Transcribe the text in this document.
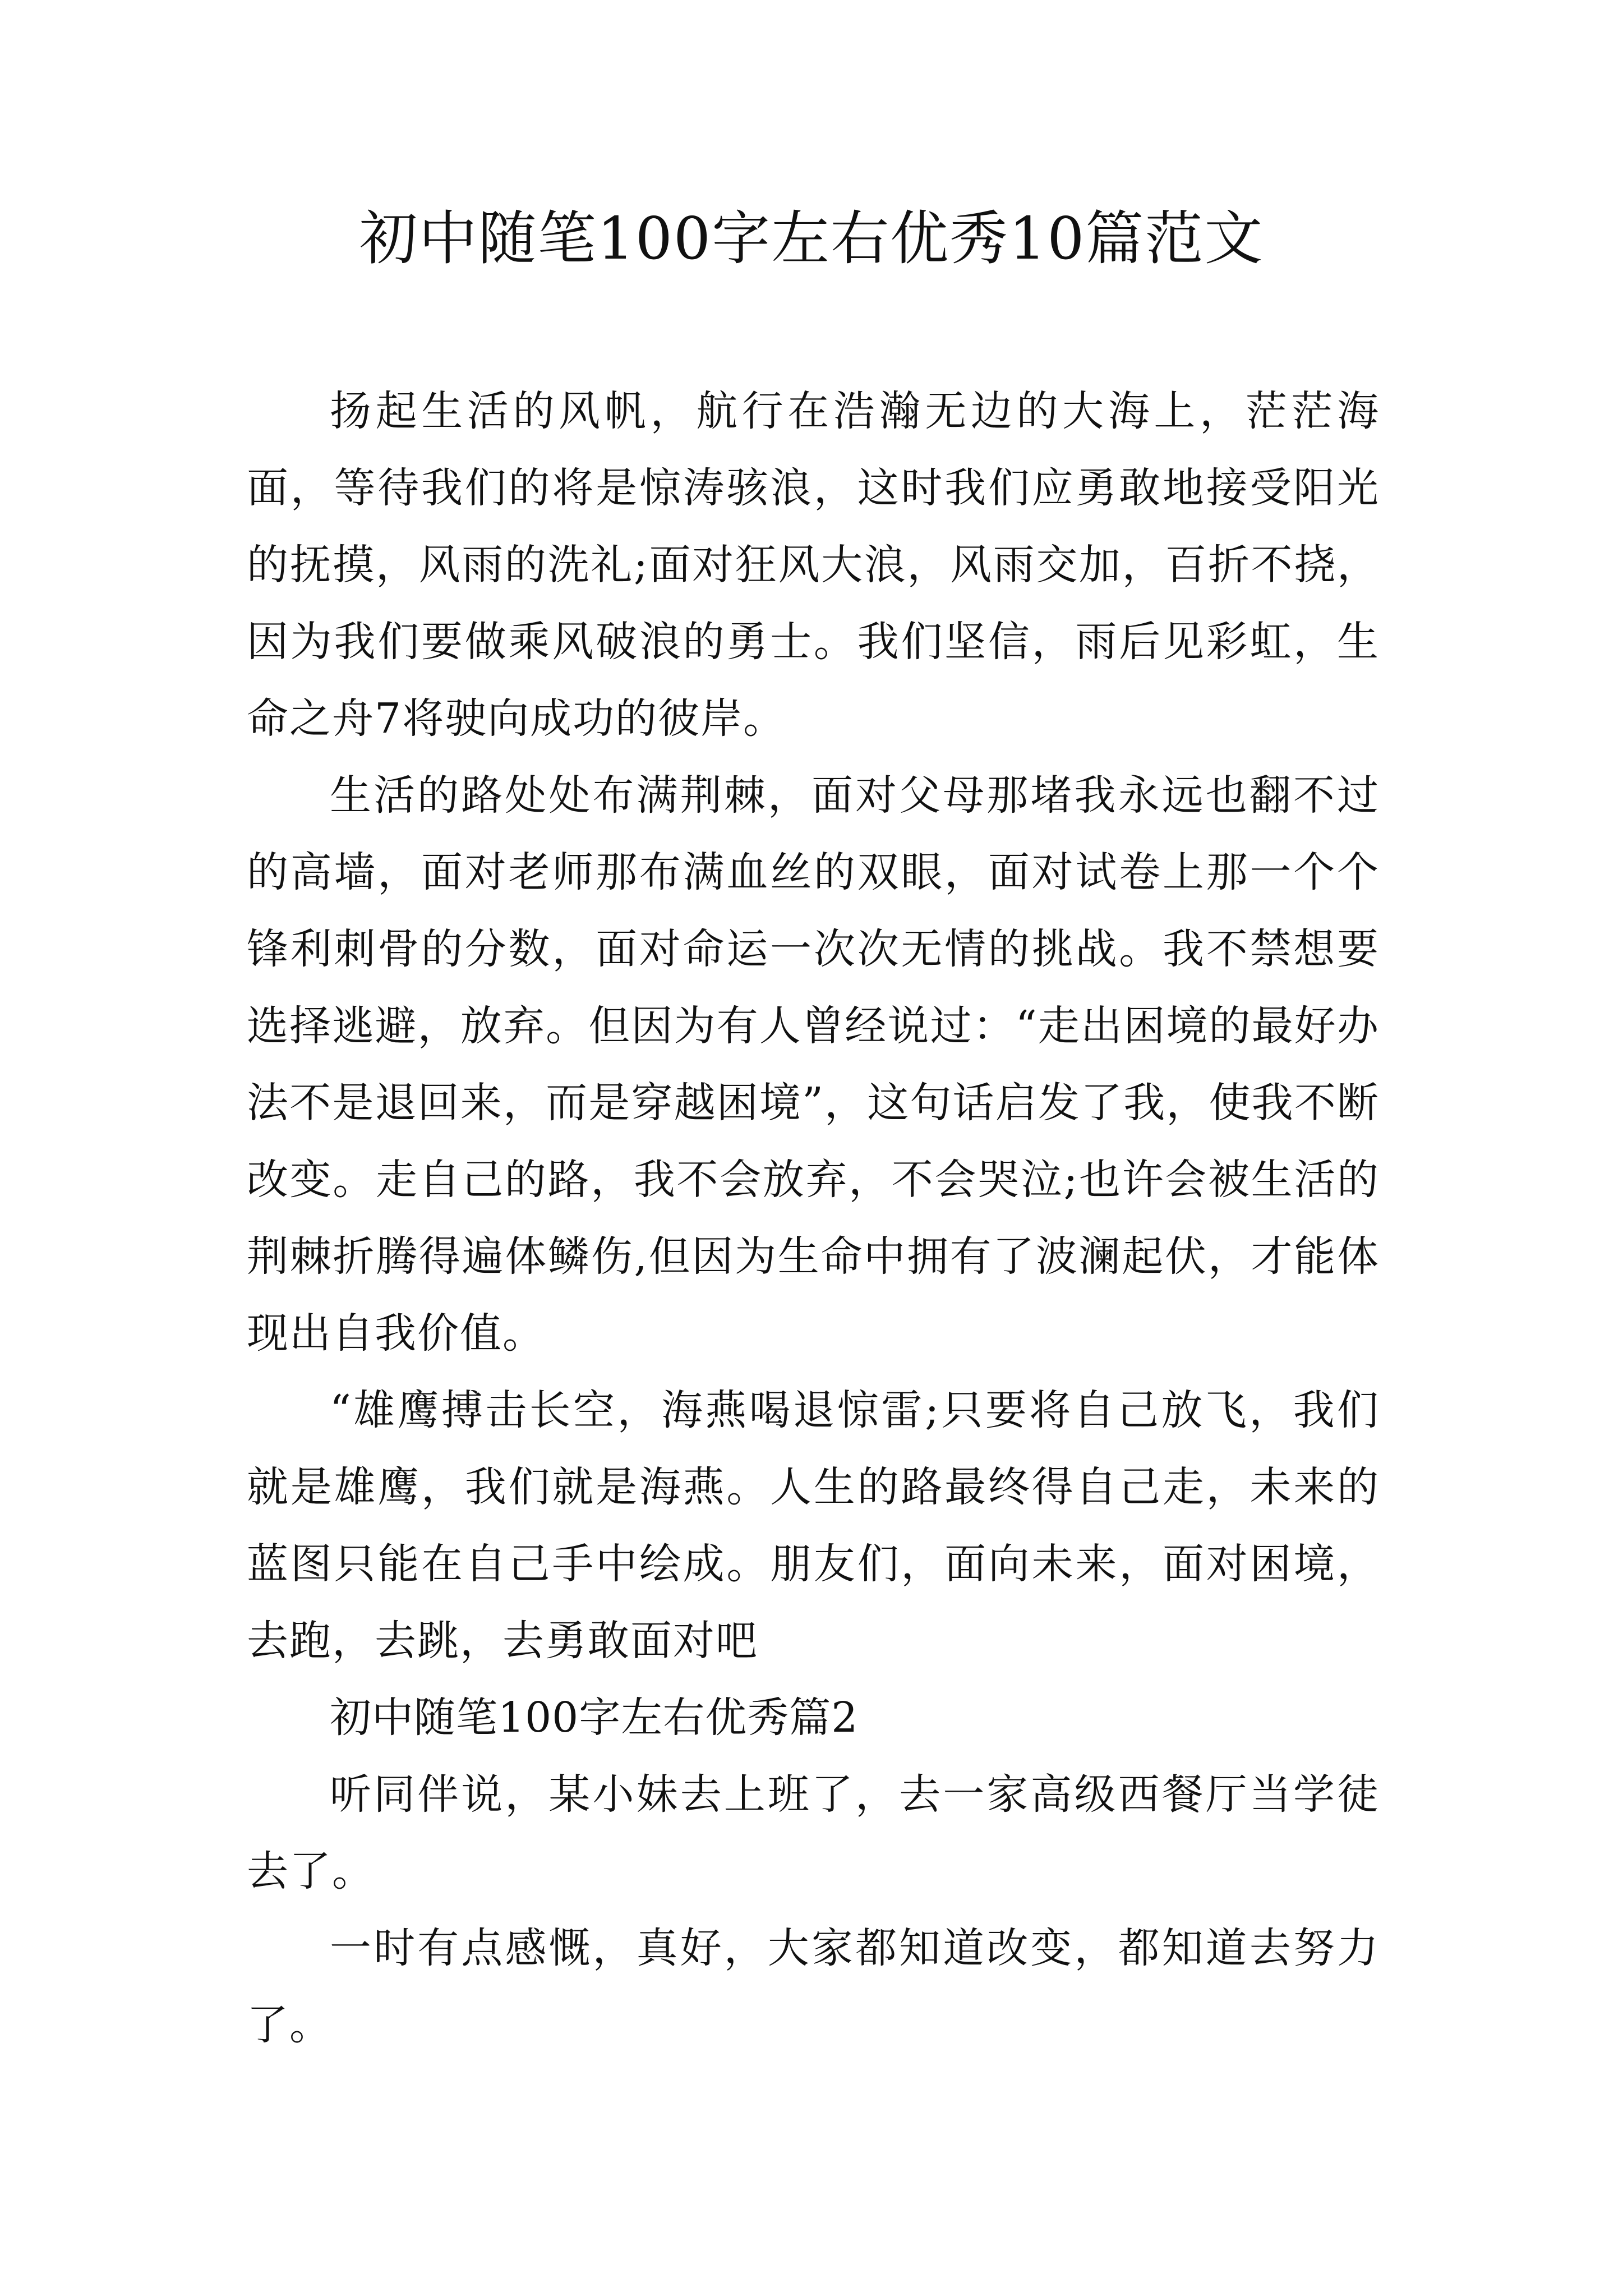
初中随笔100字左右优秀10篇范文

扬起生活的风帆，航行在浩瀚无边的大海上，茫茫海面，等待我们的将是惊涛骇浪，这时我们应勇敢地接受阳光的抚摸，风雨的洗礼;面对狂风大浪，风雨交加，百折不挠，因为我们要做乘风破浪的勇士。我们坚信，雨后见彩虹，生命之舟7将驶向成功的彼岸。

生活的路处处布满荆棘，面对父母那堵我永远也翻不过的高墙，面对老师那布满血丝的双眼，面对试卷上那一个个锋利刺骨的分数，面对命运一次次无情的挑战。我不禁想要选择逃避，放弃。但因为有人曾经说过：“走出困境的最好办法不是退回来，而是穿越困境”，这句话启发了我，使我不断改变。走自己的路，我不会放弃，不会哭泣;也许会被生活的荆棘折腾得遍体鳞伤,但因为生命中拥有了波澜起伏，才能体现出自我价值。

“雄鹰搏击长空，海燕喝退惊雷;只要将自己放飞，我们就是雄鹰，我们就是海燕。人生的路最终得自己走，未来的蓝图只能在自己手中绘成。朋友们，面向未来，面对困境，去跑，去跳，去勇敢面对吧

初中随笔100字左右优秀篇2

听同伴说，某小妹去上班了，去一家高级西餐厅当学徒去了。

一时有点感慨，真好，大家都知道改变，都知道去努力了。
